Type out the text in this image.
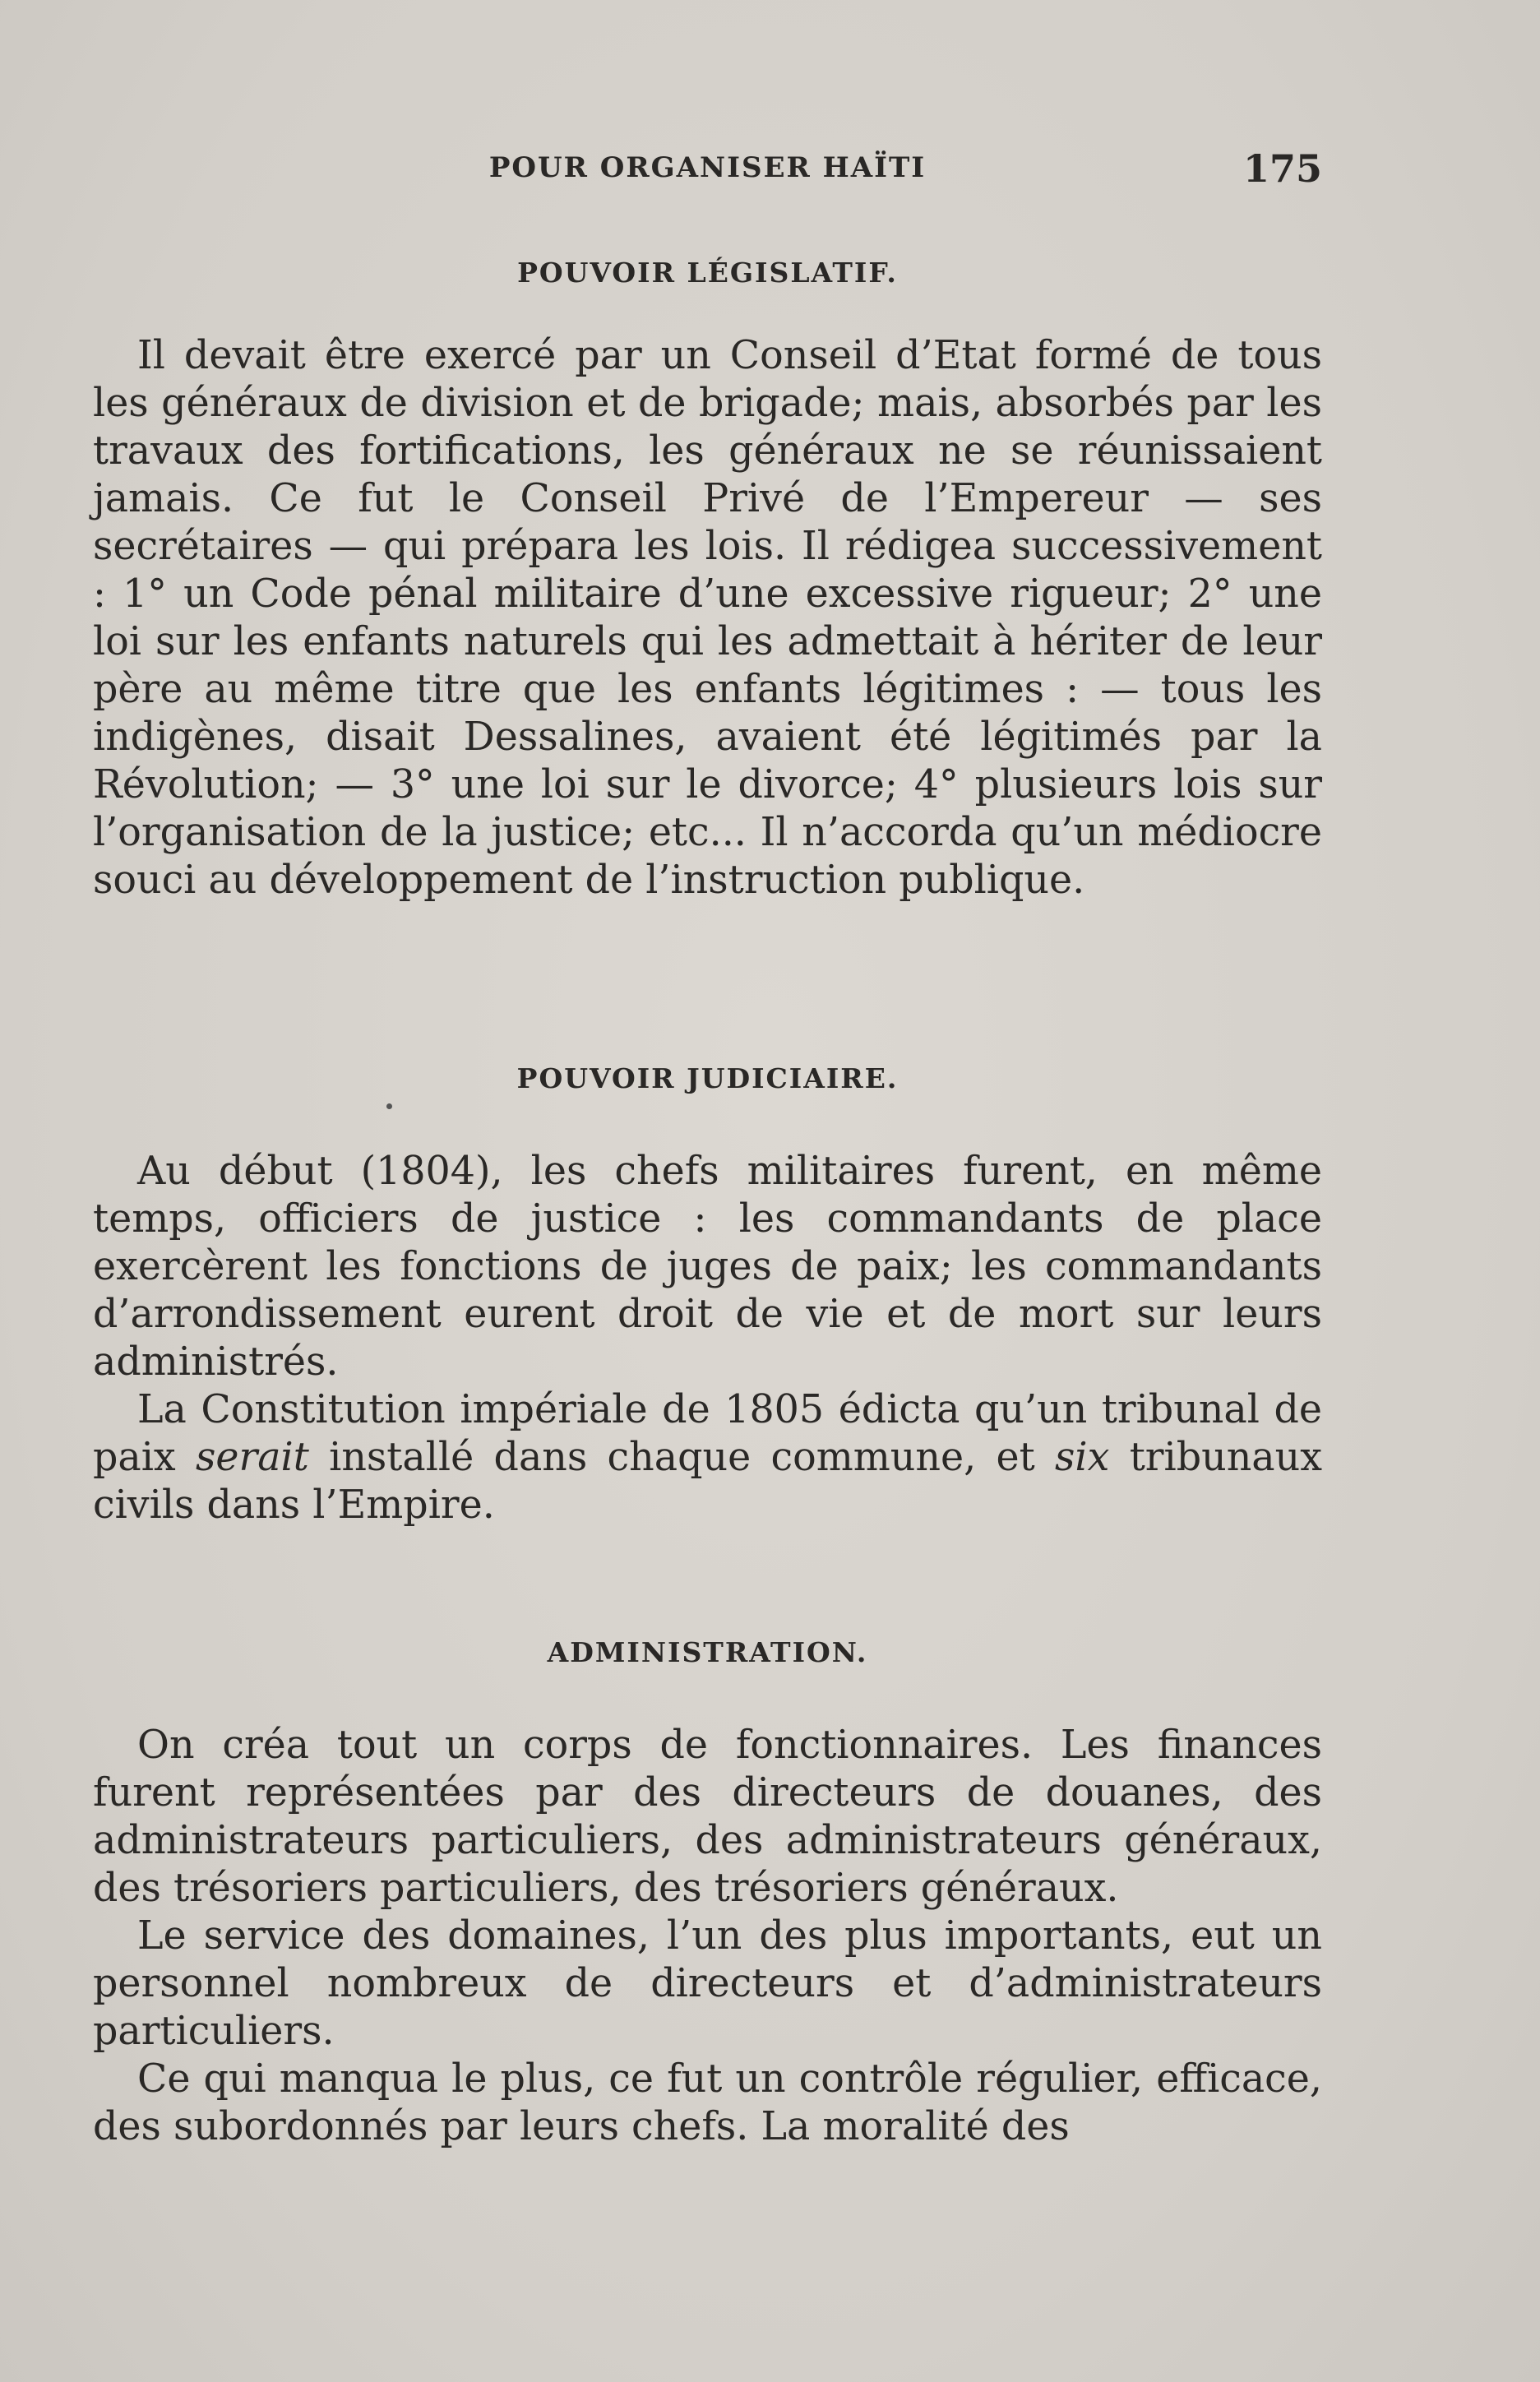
POUR ORGANISER HAÏTI	175
POUVOIR LÉGISLATIF.

Il devait être exercé par un Conseil d’Etat formé de tous les généraux de division et de brigade; mais, absorbés par les travaux des fortifications, les généraux ne se réunissaient jamais. Ce fut le Conseil Privé de l’Empereur — ses secrétaires — qui prépara les lois. Il rédigea successivement : 1° un Code pénal militaire d’une excessive rigueur; 2° une loi sur les enfants naturels qui les admettait à hériter de leur père au même titre que les enfants légitimes : — tous les indigènes, disait Dessalines, avaient été légitimés par la Révolution; — 3° une loi sur le divorce; 4° plusieurs lois sur l’organisation de la justice; etc... Il n’accorda qu’un médiocre souci au développement de l’instruction publique.

POUVOIR JUDICIAIRE.

Au début (1804), les chefs militaires furent, en même temps, officiers de justice : les commandants de place exercèrent les fonctions de juges de paix; les commandants d’arrondissement eurent droit de vie et de mort sur leurs administrés.

La Constitution impériale de 1805 édicta qu’un tribunal de paix serait installé dans chaque commune, et six tribunaux civils dans l’Empire.

ADMINISTRATION.

On créa tout un corps de fonctionnaires. Les finances furent représentées par des directeurs de douanes, des administrateurs particuliers, des administrateurs généraux, des trésoriers particuliers, des trésoriers généraux.

Le service des domaines, l’un des plus importants, eut un personnel nombreux de directeurs et d’administrateurs particuliers.

Ce qui manqua le plus, ce fut un contrôle régulier, efficace, des subordonnés par leurs chefs. La moralité des
